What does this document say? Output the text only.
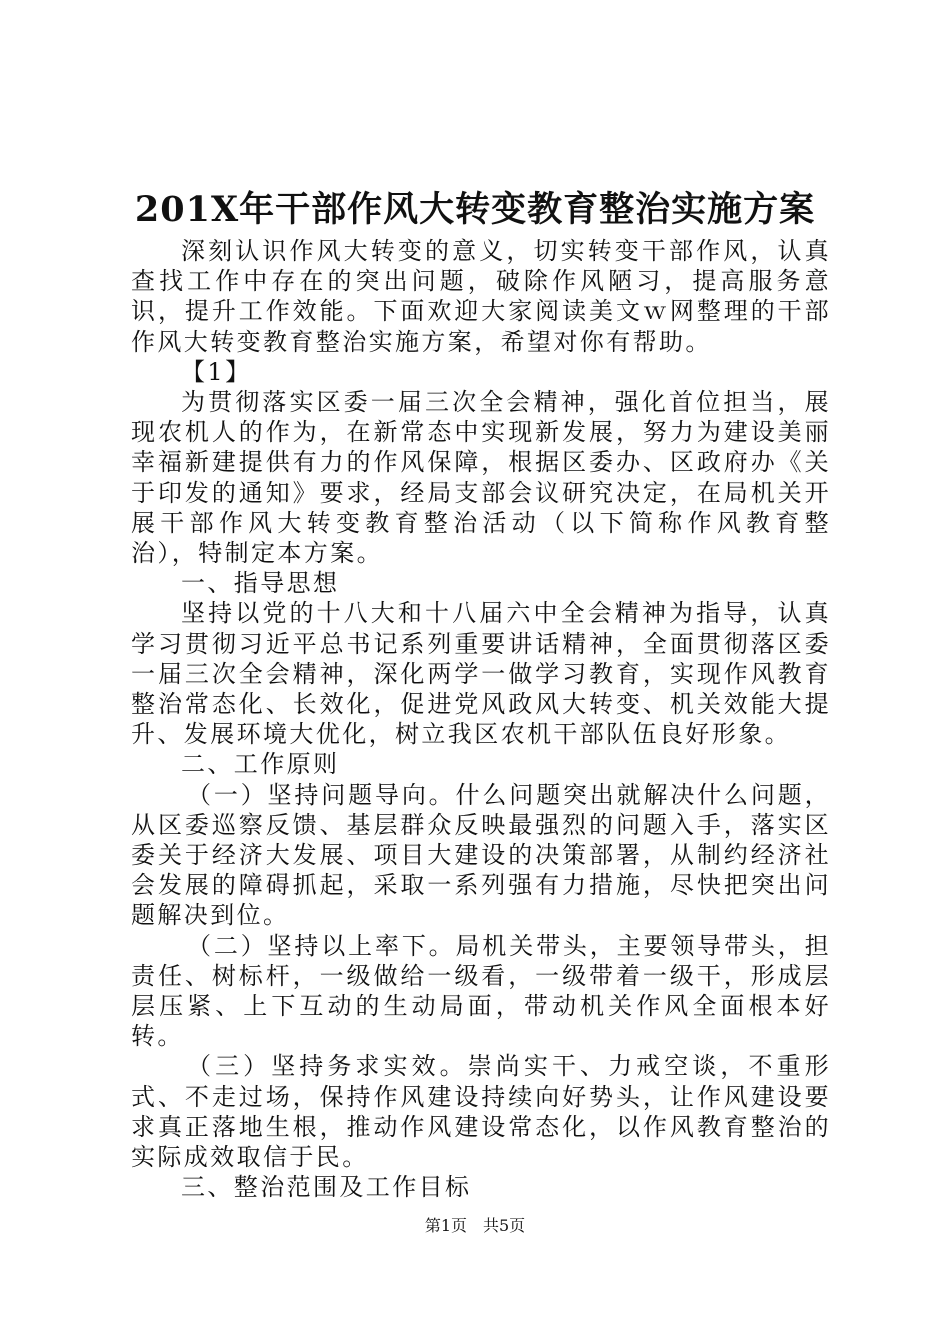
201X年干部作风大转变教育整治实施方案

深刻认识作风大转变的意义，切实转变干部作风，认真查找工作中存在的突出问题，破除作风陋习，提高服务意识，提升工作效能。下面欢迎大家阅读美文ｗ网整理的干部作风大转变教育整治实施方案，希望对你有帮助。

【1】

为贯彻落实区委一届三次全会精神，强化首位担当，展现农机人的作为，在新常态中实现新发展，努力为建设美丽幸福新建提供有力的作风保障，根据区委办、区政府办《关于印发的通知》要求，经局支部会议研究决定，在局机关开展干部作风大转变教育整治活动（以下简称作风教育整治），特制定本方案。

一、指导思想

坚持以党的十八大和十八届六中全会精神为指导，认真学习贯彻习近平总书记系列重要讲话精神，全面贯彻落区委一届三次全会精神，深化两学一做学习教育，实现作风教育整治常态化、长效化，促进党风政风大转变、机关效能大提升、发展环境大优化，树立我区农机干部队伍良好形象。

二、工作原则

（一）坚持问题导向。什么问题突出就解决什么问题，从区委巡察反馈、基层群众反映最强烈的问题入手，落实区委关于经济大发展、项目大建设的决策部署，从制约经济社会发展的障碍抓起，采取一系列强有力措施，尽快把突出问题解决到位。

（二）坚持以上率下。局机关带头，主要领导带头，担责任、树标杆，一级做给一级看，一级带着一级干，形成层层压紧、上下互动的生动局面，带动机关作风全面根本好转。

（三）坚持务求实效。崇尚实干、力戒空谈，不重形式、不走过场，保持作风建设持续向好势头，让作风建设要求真正落地生根，推动作风建设常态化，以作风教育整治的实际成效取信于民。

三、整治范围及工作目标

第1页　共5页
